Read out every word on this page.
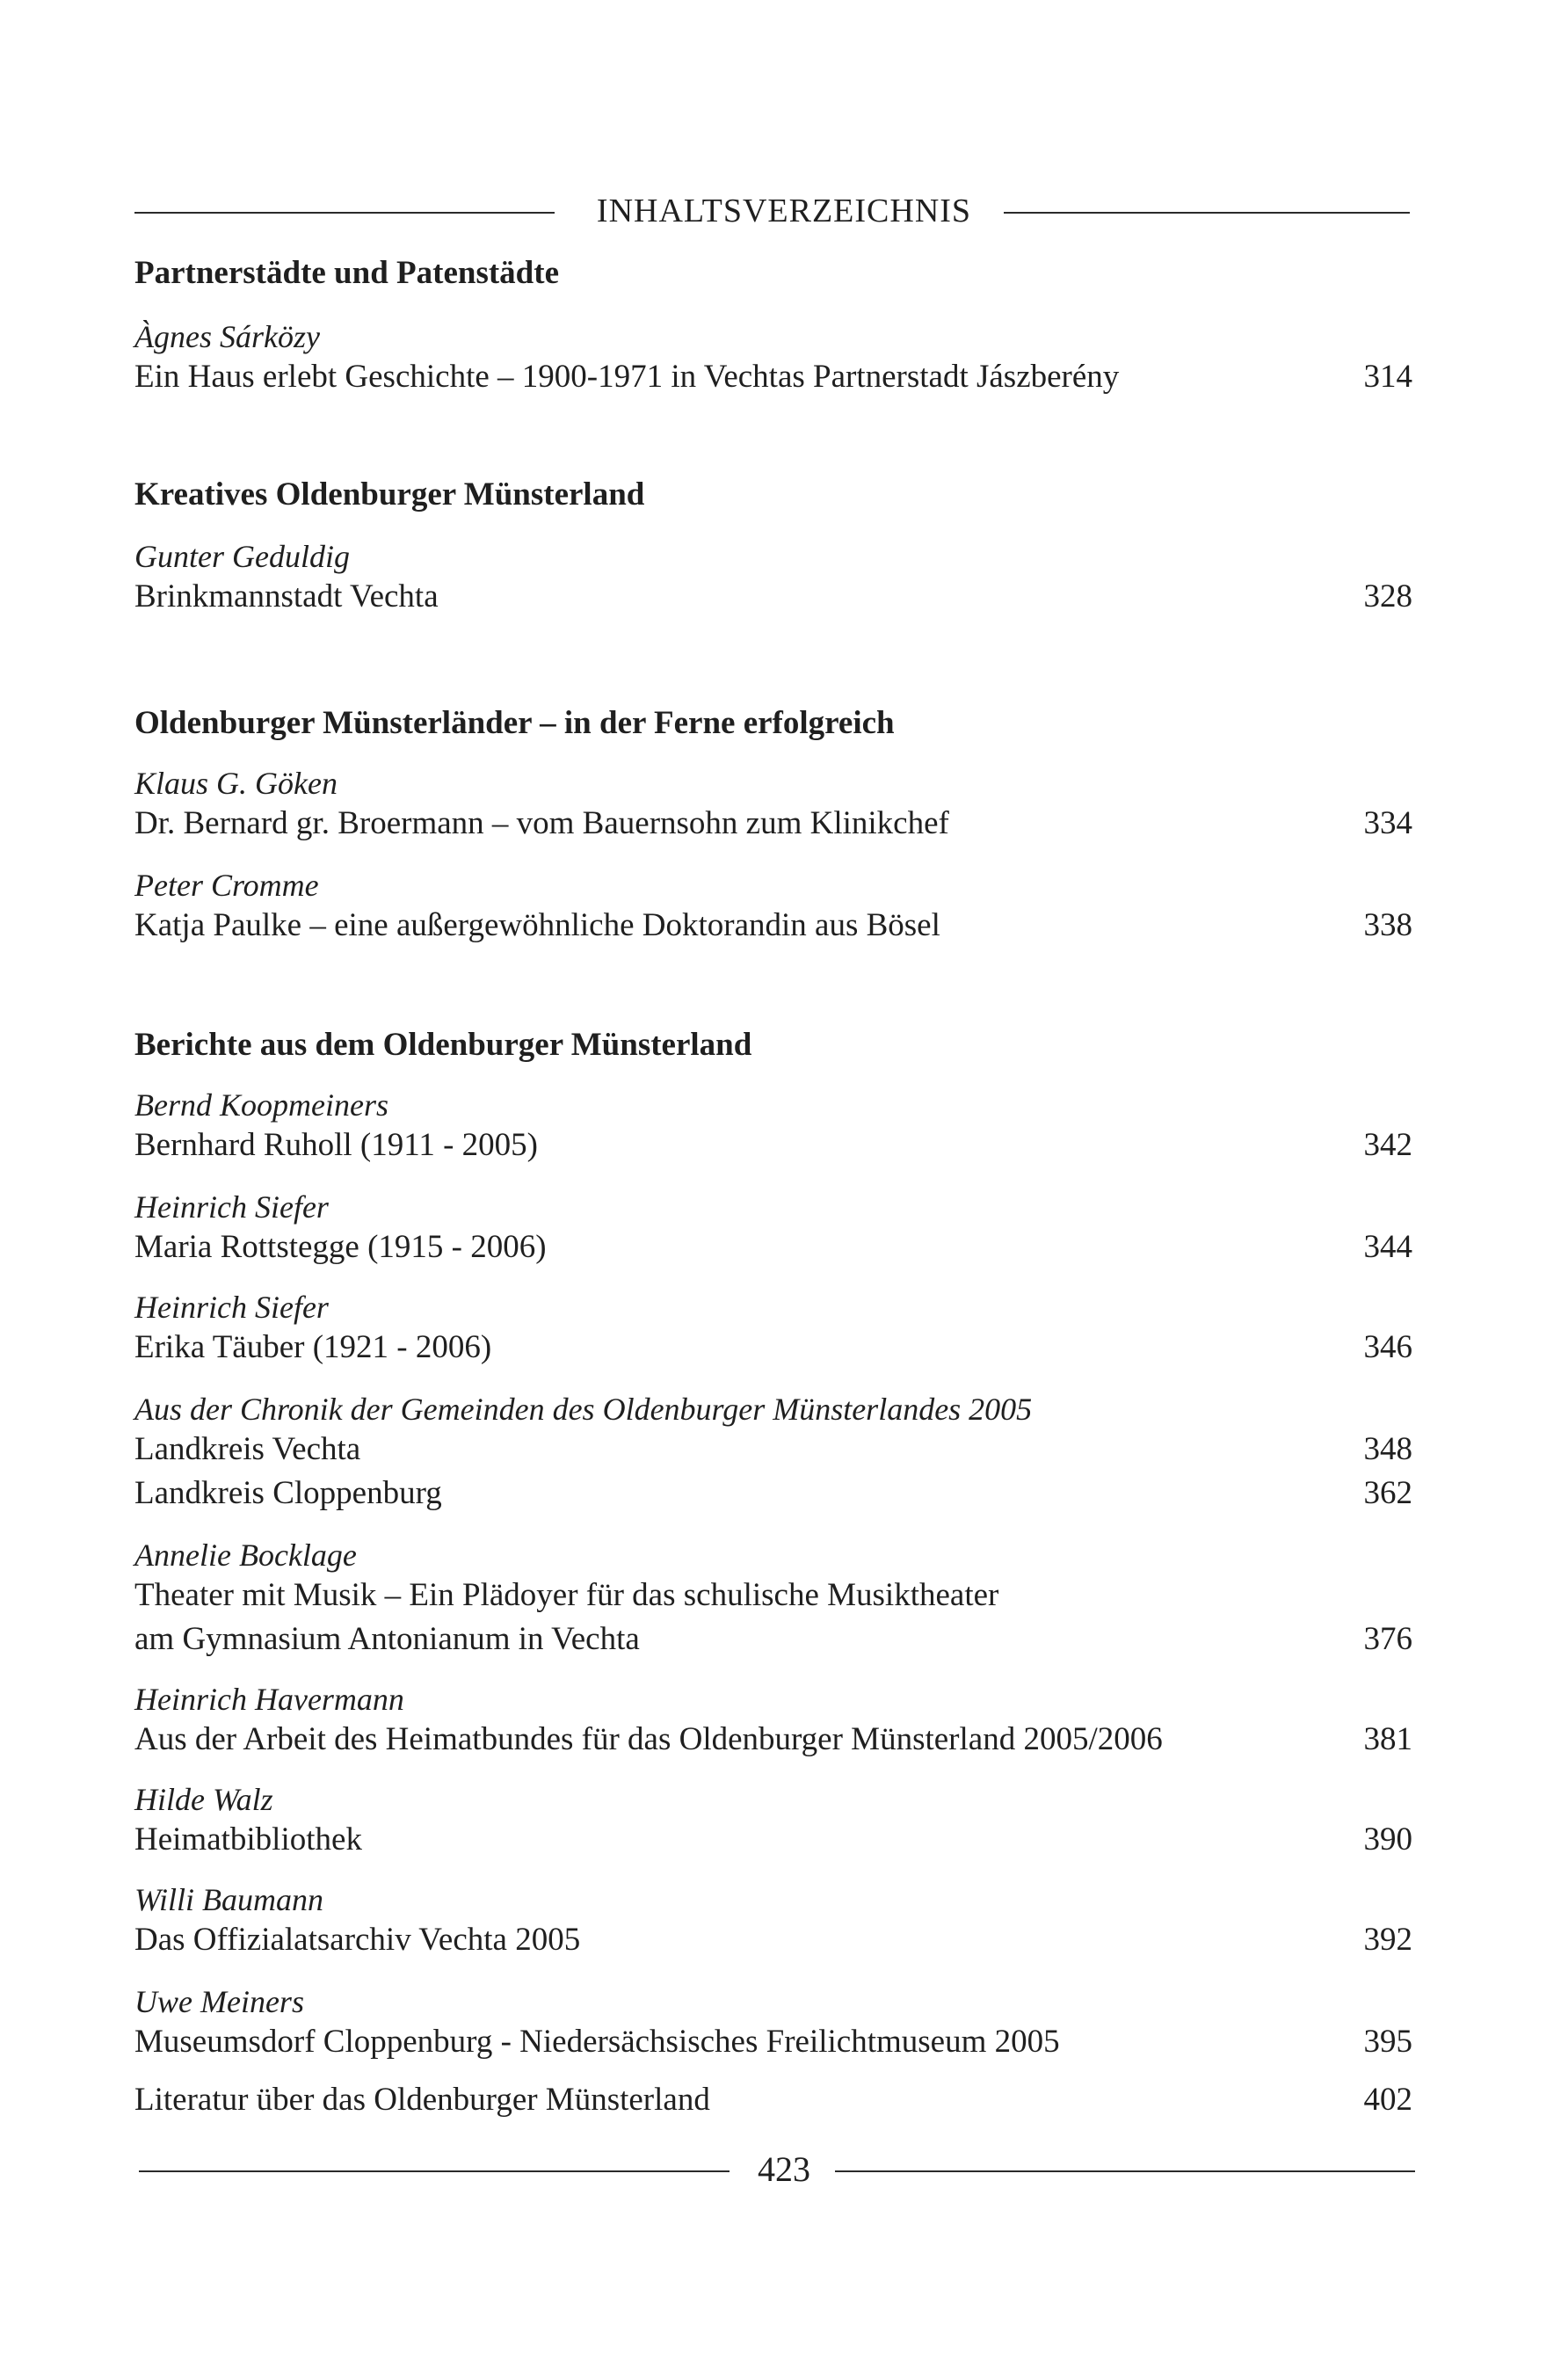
INHALTSVERZEICHNIS
Partnerstädte und Patenstädte
Àgnes Sárközy
Ein Haus erlebt Geschichte – 1900-1971 in Vechtas Partnerstadt Jászberény	314
Kreatives Oldenburger Münsterland
Gunter Geduldig
Brinkmannstadt Vechta	328
Oldenburger Münsterländer – in der Ferne erfolgreich
Klaus G. Göken
Dr. Bernard gr. Broermann – vom Bauernsohn zum Klinikchef	334
Peter Cromme
Katja Paulke – eine außergewöhnliche Doktorandin aus Bösel	338
Berichte aus dem Oldenburger Münsterland
Bernd Koopmeiners
Bernhard Ruholl (1911 - 2005)	342
Heinrich Siefer
Maria Rottstegge (1915 - 2006)	344
Heinrich Siefer
Erika Täuber (1921 - 2006)	346
Aus der Chronik der Gemeinden des Oldenburger Münsterlandes 2005
Landkreis Vechta	348
Landkreis Cloppenburg	362
Annelie Bocklage
Theater mit Musik – Ein Plädoyer für das schulische Musiktheater
am Gymnasium Antonianum in Vechta	376
Heinrich Havermann
Aus der Arbeit des Heimatbundes für das Oldenburger Münsterland 2005/2006	381
Hilde Walz
Heimatbibliothek	390
Willi Baumann
Das Offizialatsarchiv Vechta 2005	392
Uwe Meiners
Museumsdorf Cloppenburg - Niedersächsisches Freilichtmuseum 2005	395
Literatur über das Oldenburger Münsterland	402
423
